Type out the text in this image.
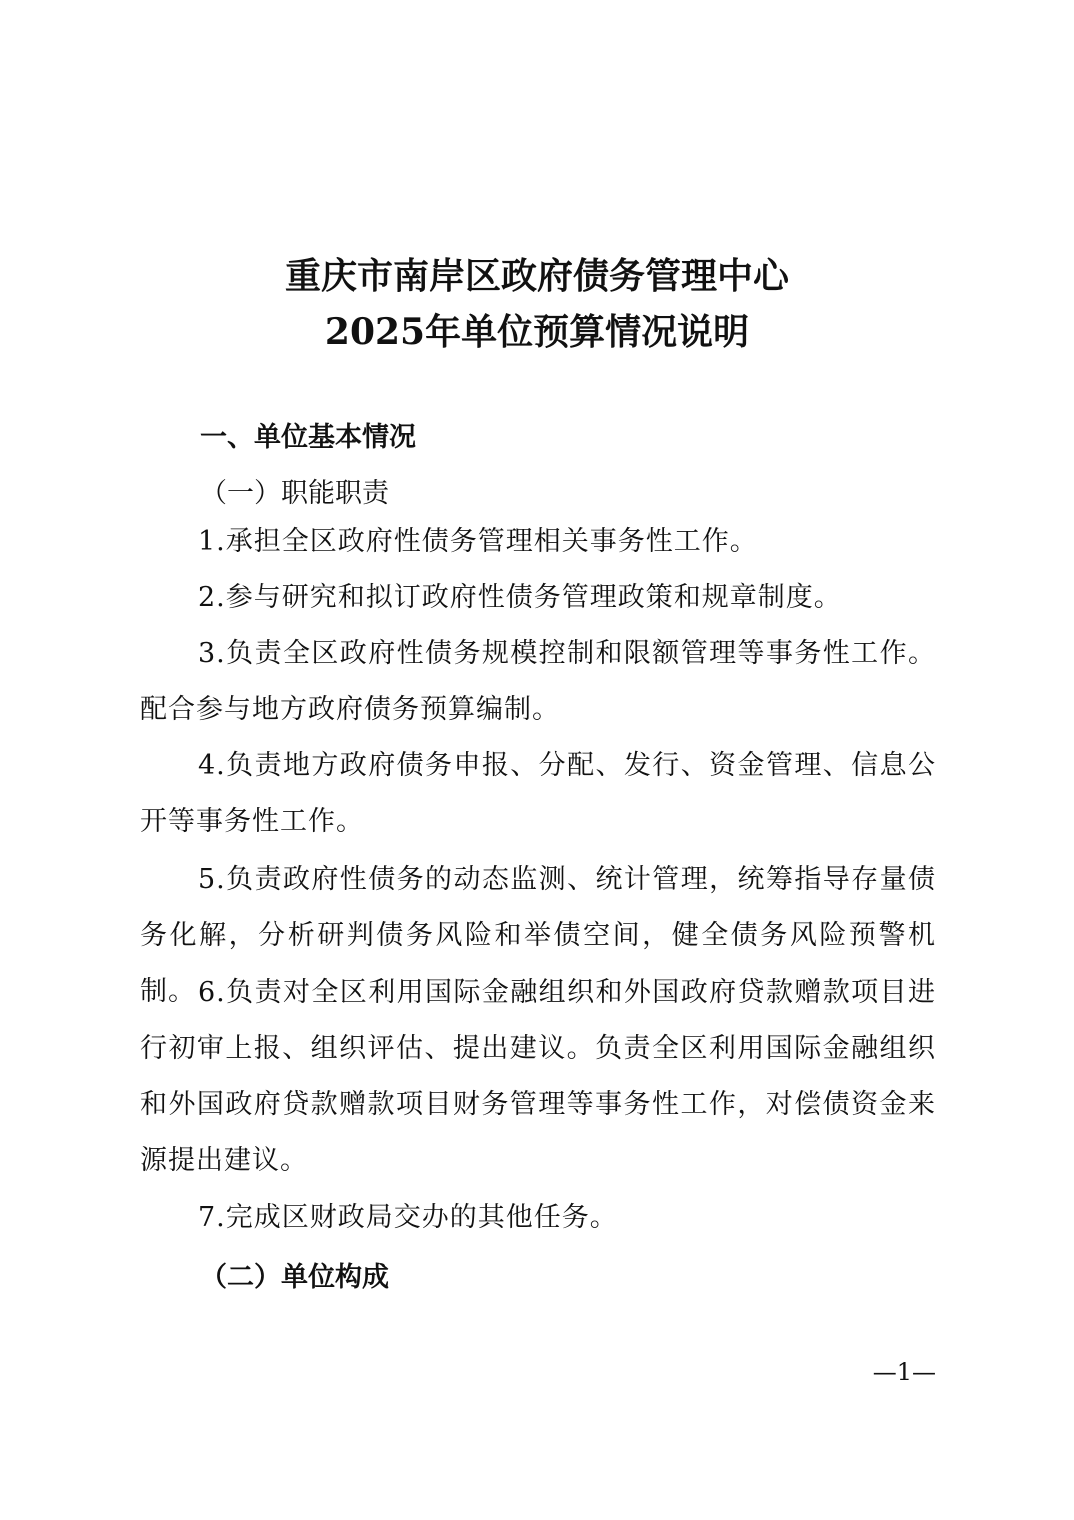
重庆市南岸区政府债务管理中心
2025年单位预算情况说明
一、单位基本情况
（一）职能职责
1.承担全区政府性债务管理相关事务性工作。
2.参与研究和拟订政府性债务管理政策和规章制度。
3.负责全区政府性债务规模控制和限额管理等事务性工作。配合参与地方政府债务预算编制。
4.负责地方政府债务申报、分配、发行、资金管理、信息公开等事务性工作。
5.负责政府性债务的动态监测、统计管理，统筹指导存量债务化解，分析研判债务风险和举债空间，健全债务风险预警机制。 6.负责对全区利用国际金融组织和外国政府贷款赠款项目进行初审上报、组织评估、提出建议。负责全区利用国际金融组织和外国政府贷款赠款项目财务管理等事务性工作，对偿债资金来源提出建议。
7.完成区财政局交办的其他任务。
（二）单位构成
—1—
